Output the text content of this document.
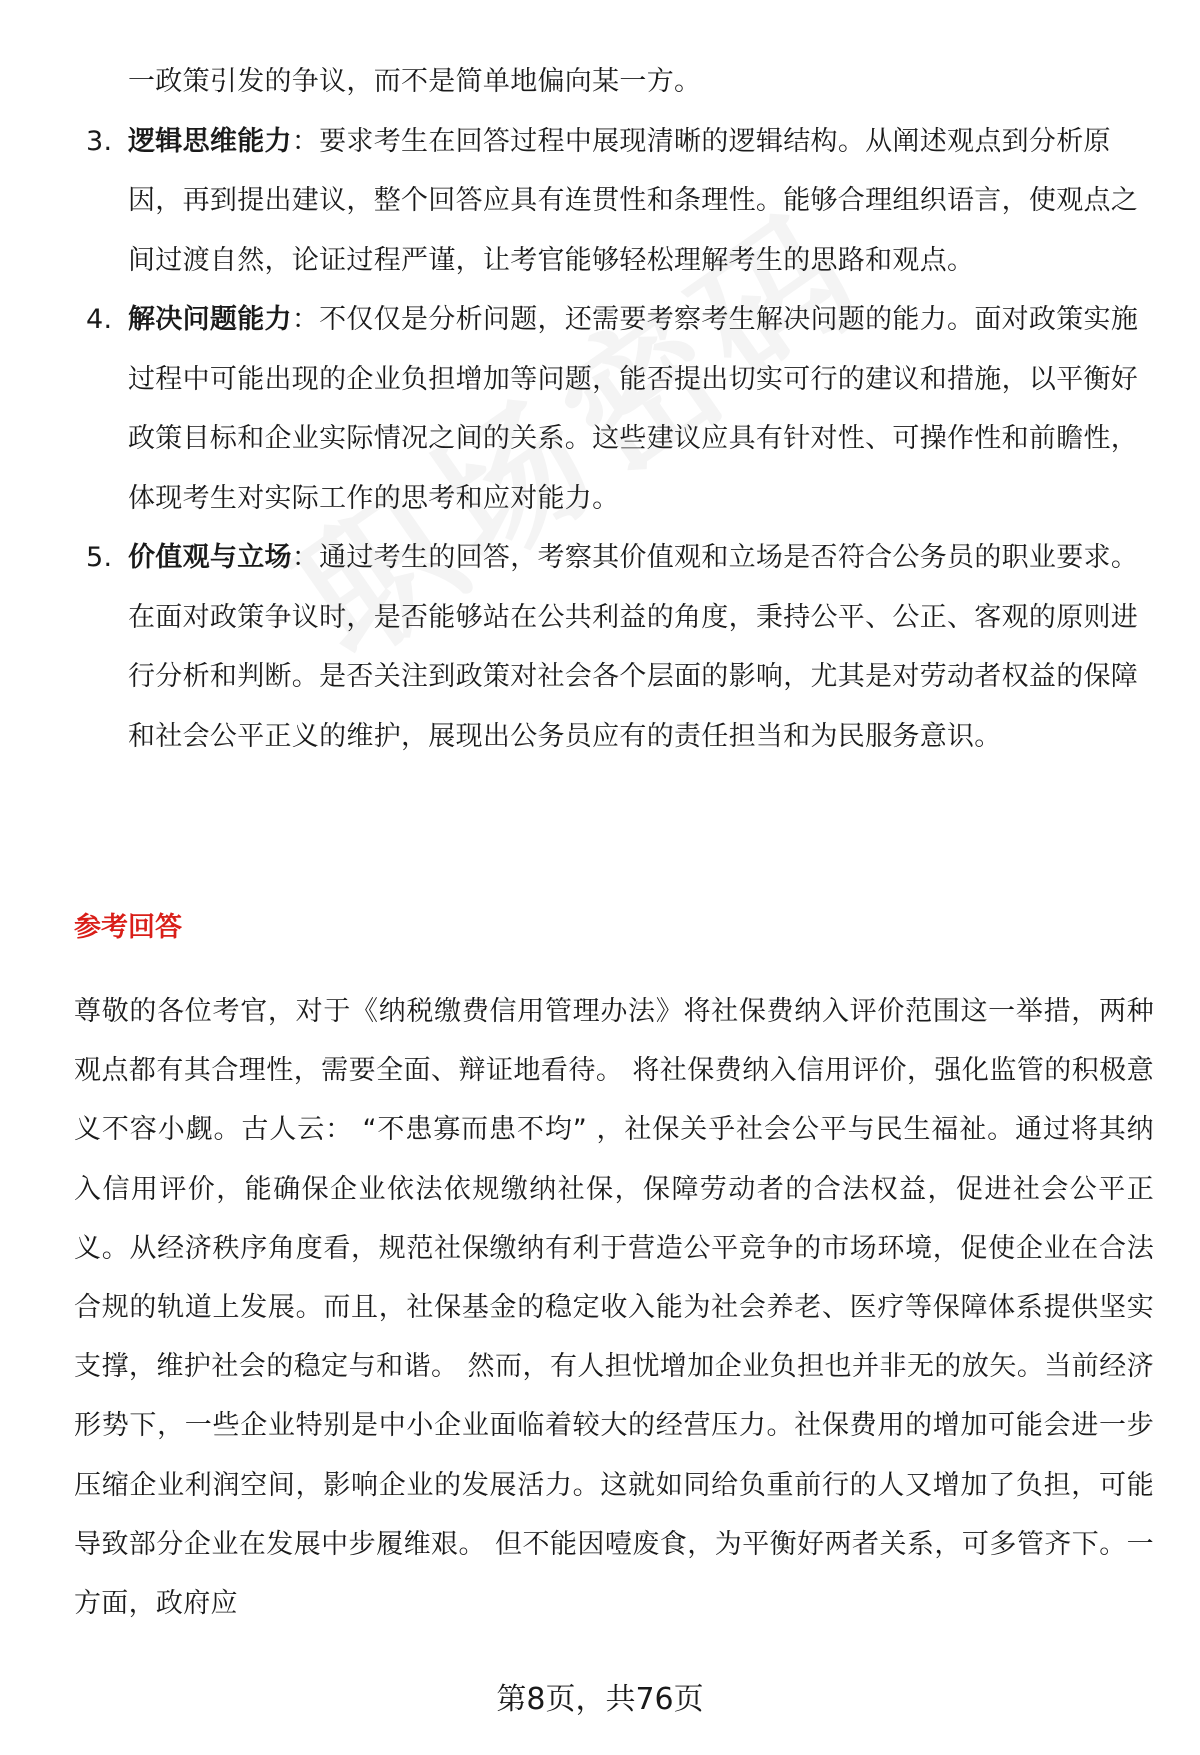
一政策引发的争议，而不是简单地偏向某一方。
3. 逻辑思维能力：要求考生在回答过程中展现清晰的逻辑结构。从阐述观点到分析原因，再到提出建议，整个回答应具有连贯性和条理性。能够合理组织语言，使观点之间过渡自然，论证过程严谨，让考官能够轻松理解考生的思路和观点。
4. 解决问题能力：不仅仅是分析问题，还需要考察考生解决问题的能力。面对政策实施过程中可能出现的企业负担增加等问题，能否提出切实可行的建议和措施，以平衡好政策目标和企业实际情况之间的关系。这些建议应具有针对性、可操作性和前瞻性，体现考生对实际工作的思考和应对能力。
5. 价值观与立场：通过考生的回答，考察其价值观和立场是否符合公务员的职业要求。在面对政策争议时，是否能够站在公共利益的角度，秉持公平、公正、客观的原则进行分析和判断。是否关注到政策对社会各个层面的影响，尤其是对劳动者权益的保障和社会公平正义的维护，展现出公务员应有的责任担当和为民服务意识。
参考回答
尊敬的各位考官，对于《纳税缴费信用管理办法》将社保费纳入评价范围这一举措，两种观点都有其合理性，需要全面、辩证地看待。 将社保费纳入信用评价，强化监管的积极意义不容小觑。古人云： “不患寡而患不均” ，社保关乎社会公平与民生福祉。通过将其纳入信用评价，能确保企业依法依规缴纳社保，保障劳动者的合法权益，促进社会公平正义。从经济秩序角度看，规范社保缴纳有利于营造公平竞争的市场环境，促使企业在合法合规的轨道上发展。而且，社保基金的稳定收入能为社会养老、医疗等保障体系提供坚实支撑，维护社会的稳定与和谐。 然而，有人担忧增加企业负担也并非无的放矢。当前经济形势下，一些企业特别是中小企业面临着较大的经营压力。社保费用的增加可能会进一步压缩企业利润空间，影响企业的发展活力。这就如同给负重前行的人又增加了负担，可能导致部分企业在发展中步履维艰。 但不能因噎废食，为平衡好两者关系，可多管齐下。一方面，政府应
第8页，共76页
